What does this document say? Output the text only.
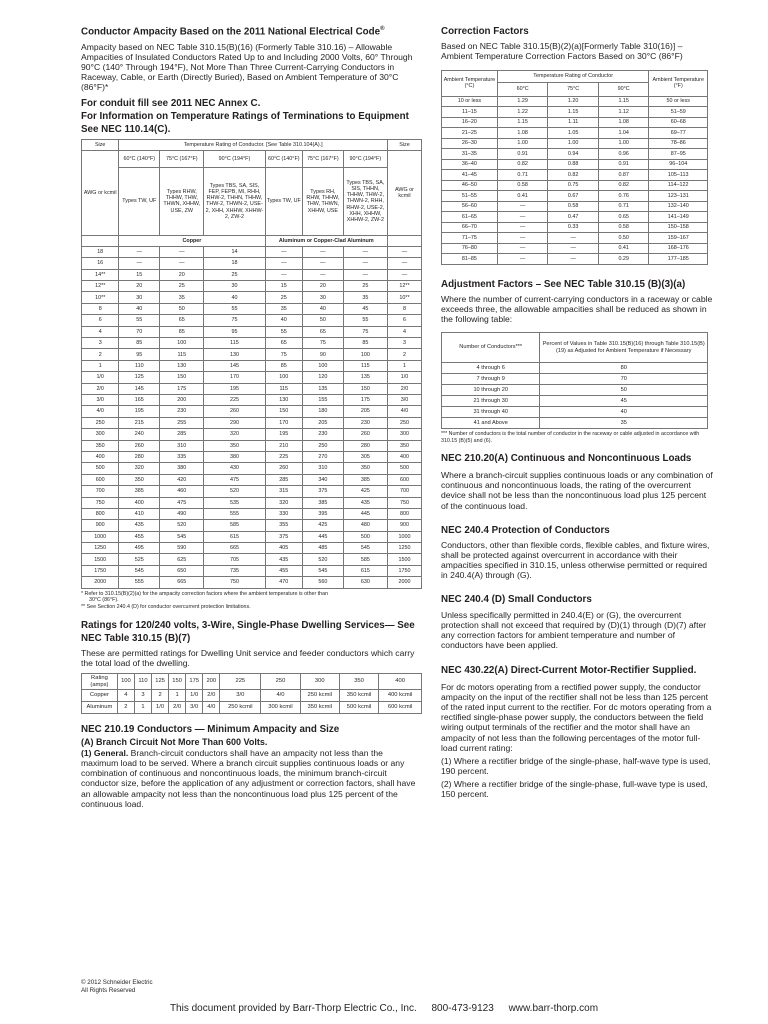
Conductor Ampacity Based on the 2011 National Electrical Code®

Ampacity based on NEC Table 310.15(B)(16) (Formerly Table 310.16) – Allowable Ampacities of Insulated Conductors Rated Up to and Including 2000 Volts, 60° Through 90°C (140° Through 194°F), Not More Than Three Current-Carrying Conductors in Raceway, Cable, or Earth (Directly Buried), Based on Ambient Temperature of 30°C (86°F)*

For conduit fill see 2011 NEC Annex C.
For Information on Temperature Ratings of Terminations to Equipment See NEC 110.14(C).
Size	Temperature Rating of Conductor. [See Table 310.104(A).]						Size
AWG or kcmil	60°C (140°F)	75°C (167°F)	90°C (194°F)	60°C (140°F)	75°C (167°F)	90°C (194°F)	AWG or kcmil
	Types TW, UF	Types RHW, THHW, THW, THWN, XHHW, USE, ZW	Types TBS, SA, SIS, FEP, FEPB, MI, RHH, RHW-2, THHN, THHW, THW-2, THWN-2, USE-2, XHH, XHHW, XHHW-2, ZW-2	Types TW, UF	Types RH, RHW, THHW, THW, THWN, XHHW, USE	Types TBS, SA, SIS, THHN, THHW, THW-2, THWN-2, RHH, RHW-2, USE-2, XHH, XHHW, XHHW-2, ZW-2	
	Copper			Aluminum or Copper-Clad Aluminum			
18	—	—	14	—	—	—	—
16	—	—	18	—	—	—	—
14**	15	20	25	—	—	—	—
12**	20	25	30	15	20	25	12**
10**	30	35	40	25	30	35	10**
8	40	50	55	35	40	45	8
6	55	65	75	40	50	55	6
4	70	85	95	55	65	75	4
3	85	100	115	65	75	85	3
2	95	115	130	75	90	100	2
1	110	130	145	85	100	115	1
1/0	125	150	170	100	120	135	1/0
2/0	145	175	195	115	135	150	2/0
3/0	165	200	225	130	155	175	3/0
4/0	195	230	260	150	180	205	4/0
250	215	255	290	170	205	230	250
300	240	285	320	195	230	260	300
350	260	310	350	210	250	280	350
400	280	335	380	225	270	305	400
500	320	380	430	260	310	350	500
600	350	420	475	285	340	385	600
700	385	460	520	315	375	425	700
750	400	475	535	320	385	435	750
800	410	490	555	330	395	445	800
900	435	520	585	355	425	480	900
1000	455	545	615	375	445	500	1000
1250	495	590	665	405	485	545	1250
1500	525	625	705	435	520	585	1500
1750	545	650	735	455	545	615	1750
2000	555	665	750	470	560	630	2000
* Refer to 310.15(B)(2)(a) for the ampacity correction factors where the ambient temperature is other than
30°C (86°F).
** See Section 240.4 (D) for conductor overcurrent protection limitations.
Ratings for 120/240 volts, 3-Wire, Single-Phase Dwelling Services— See NEC Table 310.15 (B)(7)

These are permitted ratings for Dwelling Unit service and feeder conductors which carry the total load of the dwelling.

Rating (amps)	100	110	125	150	175	200	225	250	300	350	400
Copper	4	3	2	1	1/0	2/0	3/0	4/0	250 kcmil	350 kcmil	400 kcmil
Aluminum	2	1	1/0	2/0	3/0	4/0	250 kcmil	300 kcmil	350 kcmil	500 kcmil	600 kcmil
NEC 210.19 Conductors — Minimum Ampacity and Size

(A) Branch Circuit Not More Than 600 Volts.

(1) General. Branch-circuit conductors shall have an ampacity not less than the maximum load to be served. Where a branch circuit supplies continuous loads or any combination of continuous and noncontinuous loads, the minimum branch-circuit conductor size, before the application of any adjustment or correction factors, shall have an allowable ampacity not less than the noncontinuous load plus 125 percent of the continuous load.

Correction Factors

Based on NEC Table 310.15(B)(2)(a)[Formerly Table 310(16)] – Ambient Temperature Correction Factors Based on 30°C (86°F)

Ambient Temperature (°C)	Temperature Rating of Conductor			Ambient Temperature (°F)
	60°C	75°C	90°C	
10 or less	1.29	1.20	1.15	50 or less
11–15	1.22	1.15	1.12	51–59
16–20	1.15	1.11	1.08	60–68
21–25	1.08	1.05	1.04	69–77
26–30	1.00	1.00	1.00	78–86
31–35	0.91	0.94	0.96	87–95
36–40	0.82	0.88	0.91	96–104
41–45	0.71	0.82	0.87	105–113
46–50	0.58	0.75	0.82	114–122
51–55	0.41	0.67	0.76	123–131
56–60	—	0.58	0.71	132–140
61–65	—	0.47	0.65	141–149
66–70	—	0.33	0.58	150–158
71–75	—	—	0.50	159–167
76–80	—	—	0.41	168–176
81–85	—	—	0.29	177–185
Adjustment Factors – See NEC Table 310.15 (B)(3)(a)

Where the number of current-carrying conductors in a raceway or cable exceeds three, the allowable ampacities shall be reduced as shown in the following table:

Number of Conductors***	Percent of Values in Table 310.15(B)(16) through Table 310.15(B)(19) as Adjusted for Ambient Temperature if Necessary
4 through 6	80
7 through 9	70
10 through 20	50
21 through 30	45
31 through 40	40
41 and Above	35
*** Number of conductors is the total number of conductor in the raceway or cable adjusted in accordance with 310.15 (B)(5) and (6).
NEC 210.20(A) Continuous and Noncontinuous Loads

Where a branch-circuit supplies continuous loads or any combination of continuous and noncontinuous loads, the rating of the overcurrent device shall not be less than the noncontinuous load plus 125 percent of the continuous load.

NEC 240.4 Protection of Conductors

Conductors, other than flexible cords, flexible cables, and fixture wires, shall be protected against overcurrent in accordance with their ampacities specified in 310.15, unless otherwise permitted or required in 240.4(A) through (G).

NEC 240.4 (D) Small Conductors

Unless specifically permitted in 240.4(E) or (G), the overcurrent protection shall not exceed that required by (D)(1) through (D)(7) after any correction factors for ambient temperature and number of conductors have been applied.

NEC 430.22(A) Direct-Current Motor-Rectifier Supplied.

For dc motors operating from a rectified power supply, the conductor ampacity on the input of the rectifier shall not be less than 125 percent of the rated input current to the rectifier. For dc motors operating from a rectified single-phase power supply, the conductors between the field wiring output terminals of the rectifier and the motor shall have an ampacity of not less than the following percentages of the motor full-load current rating:

(1) Where a rectifier bridge of the single-phase, half-wave type is used, 190 percent.

(2) Where a rectifier bridge of the single-phase, full-wave type is used, 150 percent.

© 2012 Schneider Electric
All Rights Reserved
This document provided by Barr-Thorp Electric Co., Inc. 800-473-9123 www.barr-thorp.com
